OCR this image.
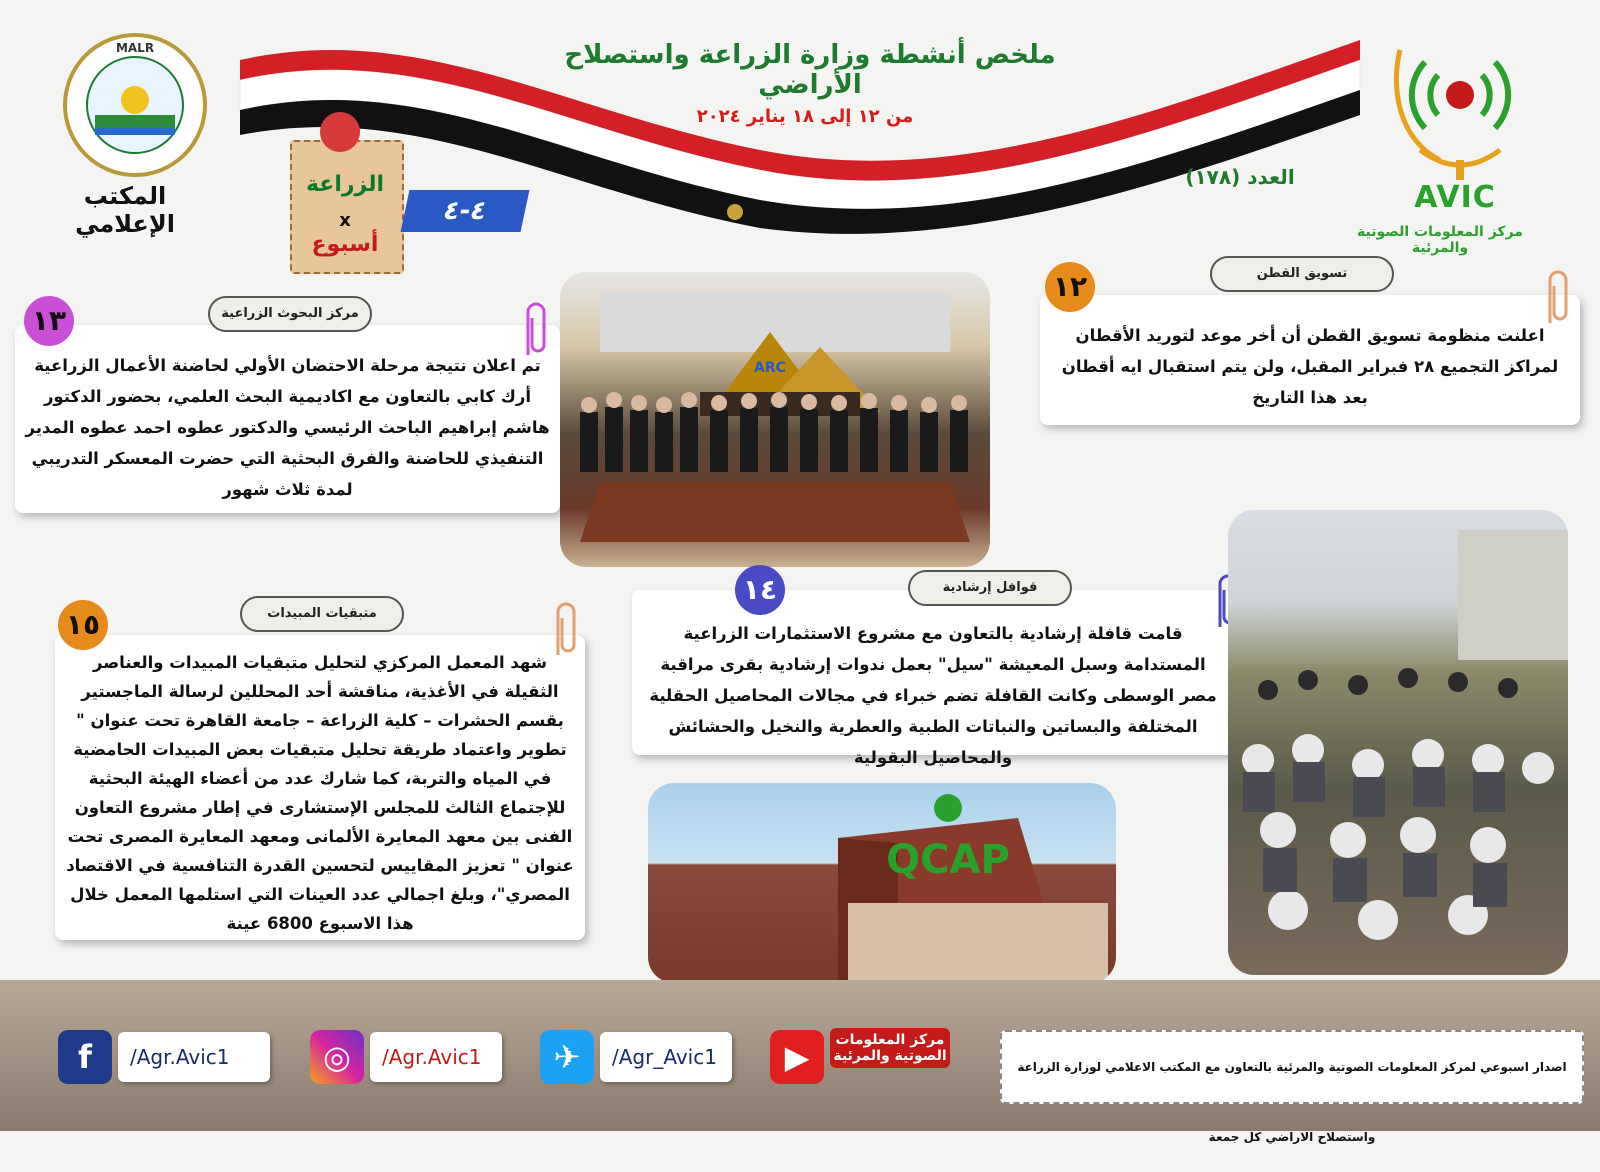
ملخص أنشطة وزارة الزراعة واستصلاح الأراضي
من ١٢ إلى ١٨ يناير ٢٠٢٤
العدد (١٧٨)
MALR
المكتب الإعلامي
AVIC
مركز المعلومات الصوتية والمرئية
الزراعة
x
أسبوع
٤-٤
تسويق القطن
١٢
اعلنت منظومة تسويق القطن أن أخر موعد لتوريد الأقطان لمراكز التجميع ٢٨ فبراير المقبل، ولن يتم استقبال ايه أقطان بعد هذا التاريخ
مركز البحوث الزراعية
١٣
تم اعلان نتيجة مرحلة الاحتضان الأولي لحاضنة الأعمال الزراعية أرك كابي بالتعاون مع اكاديمية البحث العلمي، بحضور الدكتور هاشم إبراهيم الباحث الرئيسي والدكتور عطوه احمد عطوه المدير التنفيذي للحاضنة والفرق البحثية التي حضرت المعسكر التدريبي لمدة ثلاث شهور
ARC
قوافل إرشادية
١٤
قامت قافلة إرشادية بالتعاون مع مشروع الاستثمارات الزراعية المستدامة وسبل المعيشة "سيل" بعمل ندوات إرشادية بقرى مراقبة مصر الوسطى وكانت القافلة تضم خبراء في مجالات المحاصيل الحقلية المختلفة والبساتين والنباتات الطبية والعطرية والنخيل والحشائش والمحاصيل البقولية
QCAP
متبقيات المبيدات
١٥
شهد المعمل المركزي لتحليل متبقيات المبيدات والعناصر الثقيلة في الأغذية، مناقشة أحد المحللين لرسالة الماجستير بقسم الحشرات – كلية الزراعة – جامعة القاهرة تحت عنوان " تطوير واعتماد طريقة تحليل متبقيات بعض المبيدات الحامضية في المياه والتربة، كما شارك عدد من أعضاء الهيئة البحثية للإجتماع الثالث للمجلس الإستشارى في إطار مشروع التعاون الفنى بين معهد المعايرة الألمانى ومعهد المعايرة المصرى تحت عنوان " تعزيز المقاييس لتحسين القدرة التنافسية في الاقتصاد المصري"، وبلغ اجمالي عدد العينات التي استلمها المعمل خلال هذا الاسبوع 6800 عينة
f	/Agr.Avic1	◎	/Agr.Avic1	✈	/Agr_Avic1	▶	مركز المعلومات الصوتية والمرئية
اصدار اسبوعي لمركز المعلومات الصوتية والمرئية بالتعاون مع المكتب الاعلامي لوزارة الزراعة واستصلاح الاراضي كل جمعة
